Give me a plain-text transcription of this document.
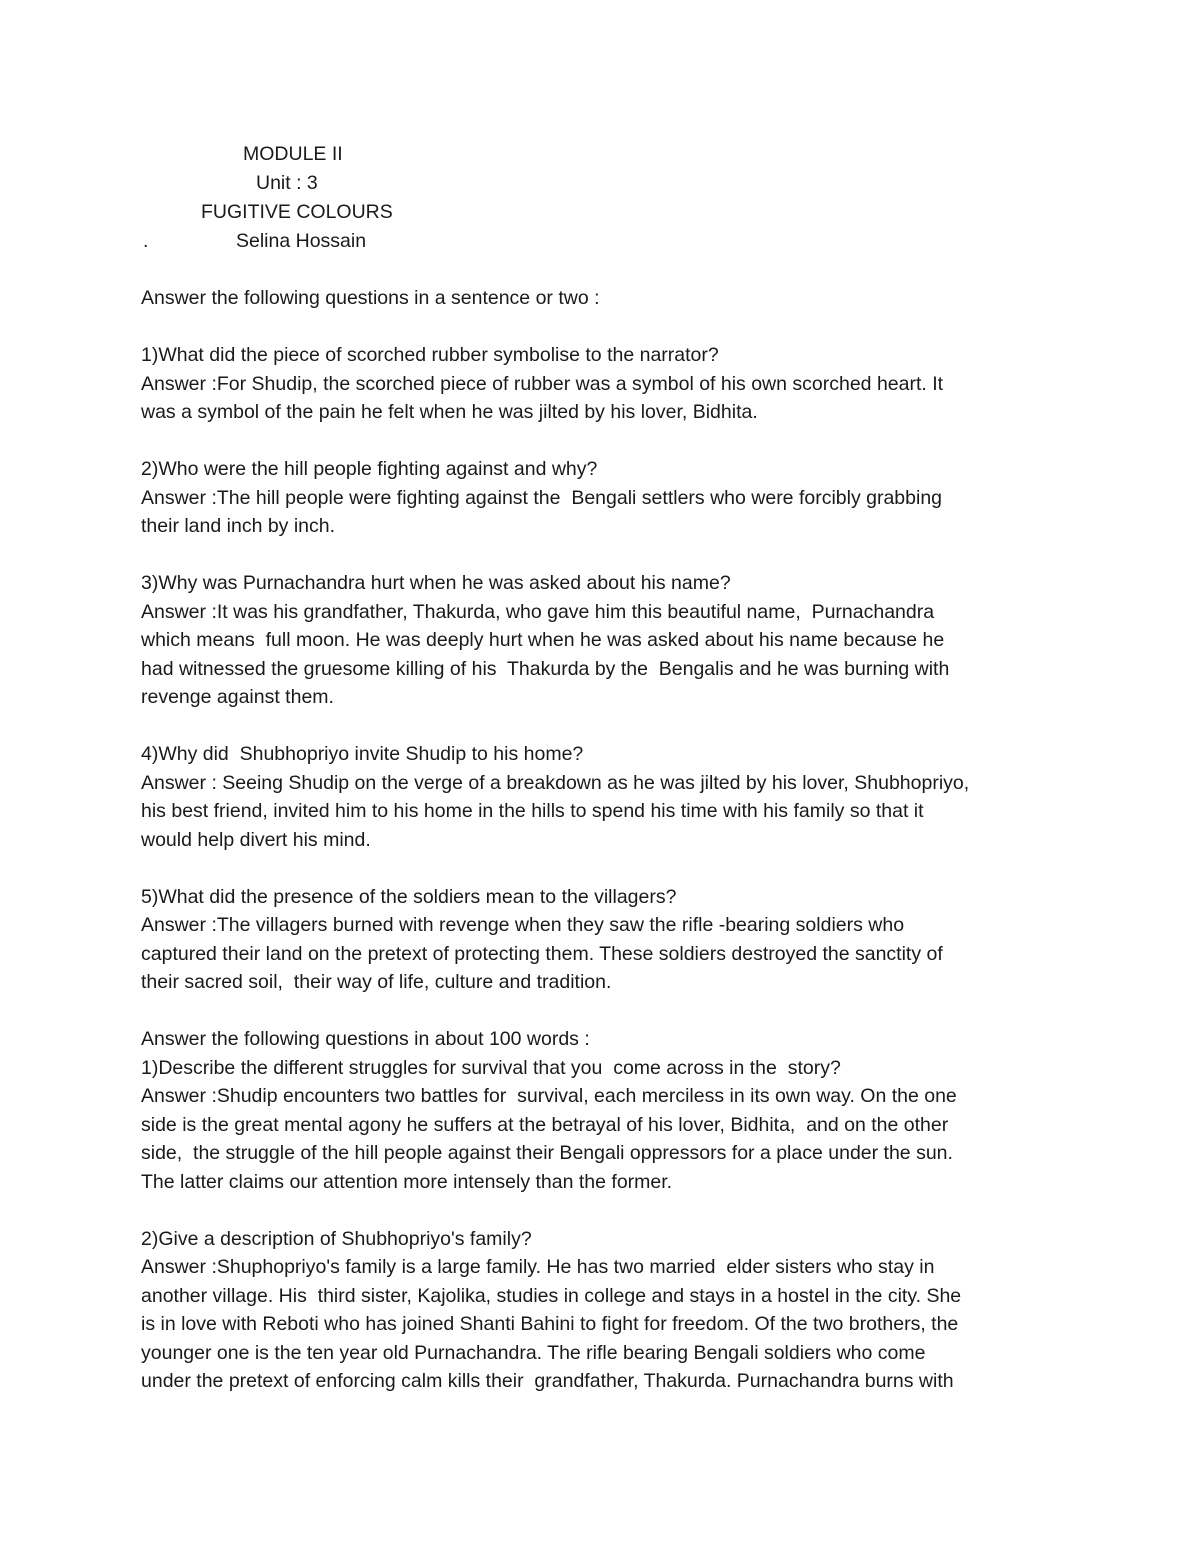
MODULE II
Unit : 3
FUGITIVE COLOURS
.	Selina Hossain
Answer the following questions in a sentence or two :
1)What did the piece of scorched rubber symbolise to the narrator?
Answer :For Shudip, the scorched piece of rubber was a symbol of his own scorched heart. It
was a symbol of the pain he felt when he was jilted by his lover, Bidhita.
2)Who were the hill people fighting against and why?
Answer :The hill people were fighting against the  Bengali settlers who were forcibly grabbing
their land inch by inch.
3)Why was Purnachandra hurt when he was asked about his name?
Answer :It was his grandfather, Thakurda, who gave him this beautiful name,  Purnachandra
which means  full moon. He was deeply hurt when he was asked about his name because he
had witnessed the gruesome killing of his  Thakurda by the  Bengalis and he was burning with
revenge against them.
4)Why did  Shubhopriyo invite Shudip to his home?
Answer : Seeing Shudip on the verge of a breakdown as he was jilted by his lover, Shubhopriyo,
his best friend, invited him to his home in the hills to spend his time with his family so that it
would help divert his mind.
5)What did the presence of the soldiers mean to the villagers?
Answer :The villagers burned with revenge when they saw the rifle -bearing soldiers who
captured their land on the pretext of protecting them. These soldiers destroyed the sanctity of
their sacred soil,  their way of life, culture and tradition.
Answer the following questions in about 100 words :
1)Describe the different struggles for survival that you  come across in the  story?
Answer :Shudip encounters two battles for  survival, each merciless in its own way. On the one
side is the great mental agony he suffers at the betrayal of his lover, Bidhita,  and on the other
side,  the struggle of the hill people against their Bengali oppressors for a place under the sun.
The latter claims our attention more intensely than the former.
2)Give a description of Shubhopriyo's family?
Answer :Shuphopriyo's family is a large family. He has two married  elder sisters who stay in
another village. His  third sister, Kajolika, studies in college and stays in a hostel in the city. She
is in love with Reboti who has joined Shanti Bahini to fight for freedom. Of the two brothers, the
younger one is the ten year old Purnachandra. The rifle bearing Bengali soldiers who come
under the pretext of enforcing calm kills their  grandfather, Thakurda. Purnachandra burns with
